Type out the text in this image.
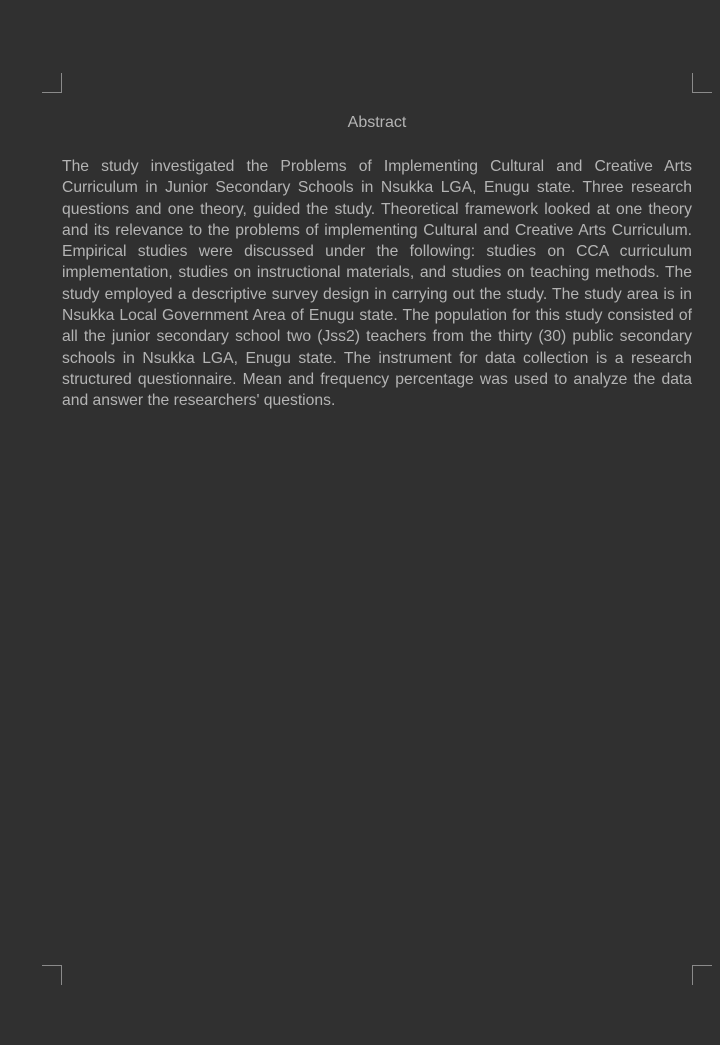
Abstract

The study investigated the Problems of Implementing Cultural and Creative Arts Curriculum in Junior Secondary Schools in Nsukka LGA, Enugu state. Three research questions and one theory, guided the study. Theoretical framework looked at one theory and its relevance to the problems of implementing Cultural and Creative Arts Curriculum. Empirical studies were discussed under the following: studies on CCA curriculum implementation, studies on instructional materials, and studies on teaching methods. The study employed a descriptive survey design in carrying out the study. The study area is in Nsukka Local Government Area of Enugu state. The population for this study consisted of all the junior secondary school two (Jss2) teachers from the thirty (30) public secondary schools in Nsukka LGA, Enugu state. The instrument for data collection is a research structured questionnaire. Mean and frequency percentage was used to analyze the data and answer the researchers' questions.
